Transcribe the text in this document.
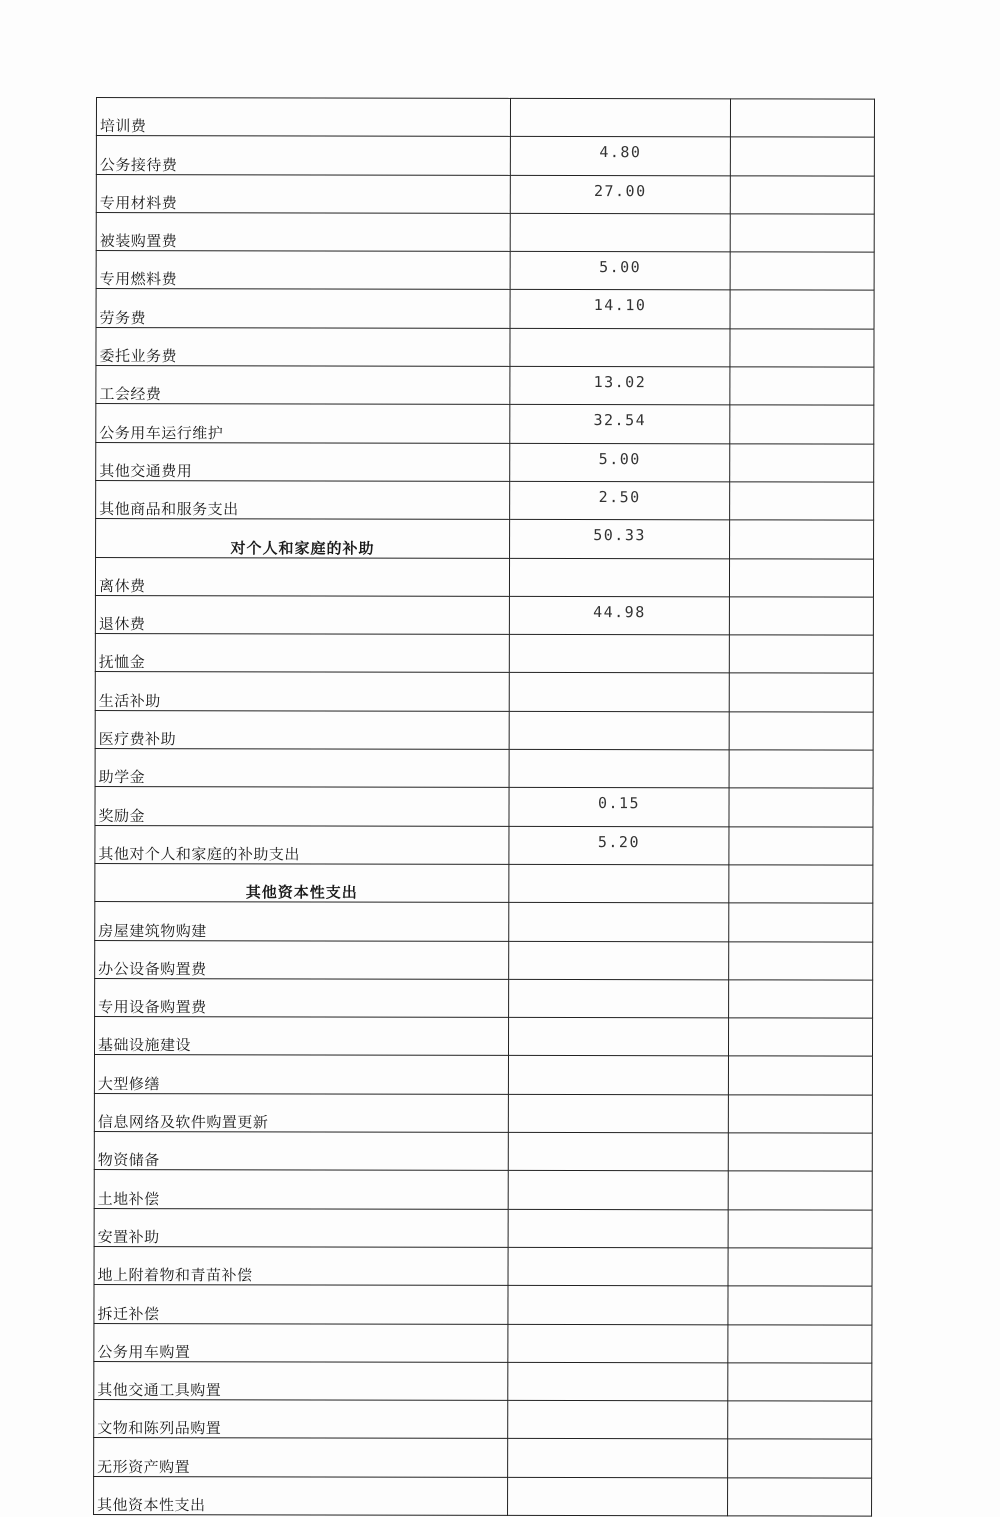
培训费		
公务接待费	4.80	
专用材料费	27.00	
被装购置费		
专用燃料费	5.00	
劳务费	14.10	
委托业务费		
工会经费	13.02	
公务用车运行维护	32.54	
其他交通费用	5.00	
其他商品和服务支出	2.50	
对个人和家庭的补助	50.33	
离休费		
退休费	44.98	
抚恤金		
生活补助		
医疗费补助		
助学金		
奖励金	0.15	
其他对个人和家庭的补助支出	5.20	
其他资本性支出		
房屋建筑物购建		
办公设备购置费		
专用设备购置费		
基础设施建设		
大型修缮		
信息网络及软件购置更新		
物资储备		
土地补偿		
安置补助		
地上附着物和青苗补偿		
拆迁补偿		
公务用车购置		
其他交通工具购置		
文物和陈列品购置		
无形资产购置		
其他资本性支出		
